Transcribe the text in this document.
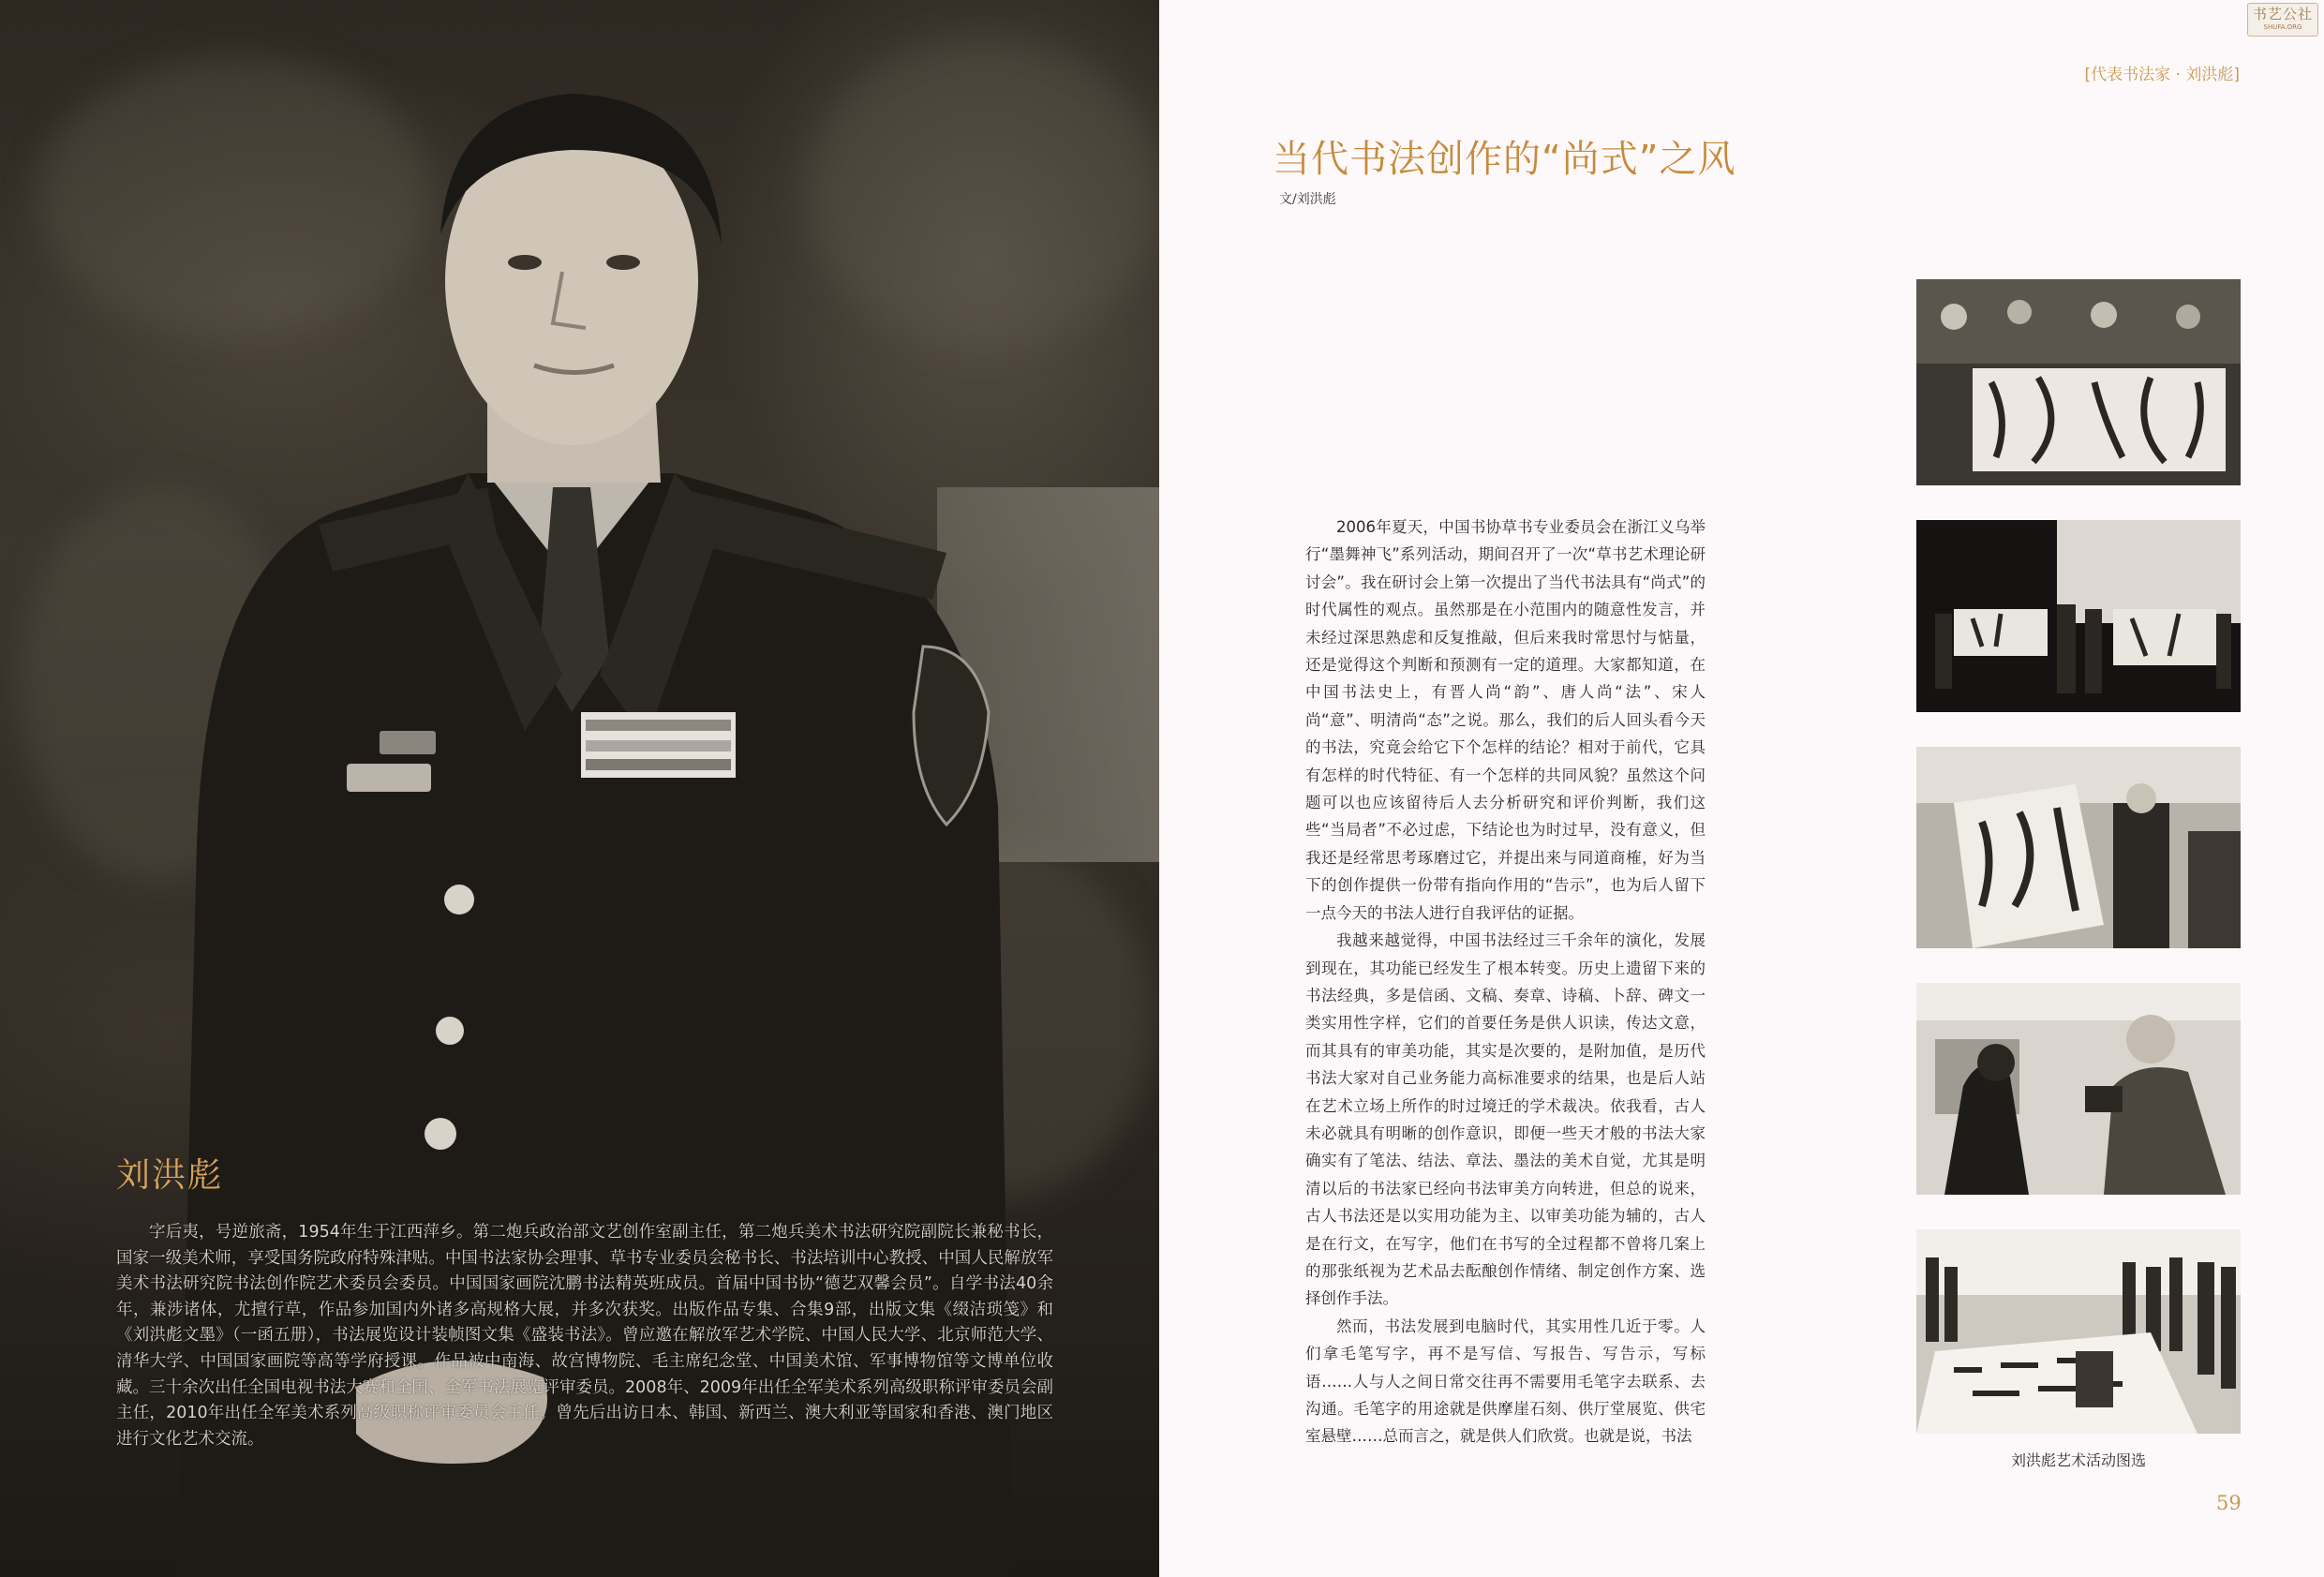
刘洪彪

字后夷，号逆旅斋，1954年生于江西萍乡。第二炮兵政治部文艺创作室副主任，第二炮兵美术书法研究院副院长兼秘书长，国家一级美术师，享受国务院政府特殊津贴。中国书法家协会理事、草书专业委员会秘书长、书法培训中心教授、中国人民解放军美术书法研究院书法创作院艺术委员会委员。中国国家画院沈鹏书法精英班成员。首届中国书协“德艺双馨会员”。自学书法40余年，兼涉诸体，尤擅行草，作品参加国内外诸多高规格大展，并多次获奖。出版作品专集、合集9部，出版文集《缀洁琐笺》和《刘洪彪文墨》（一函五册），书法展览设计装帧图文集《盛装书法》。曾应邀在解放军艺术学院、中国人民大学、北京师范大学、清华大学、中国国家画院等高等学府授课。作品被中南海、故宫博物院、毛主席纪念堂、中国美术馆、军事博物馆等文博单位收藏。三十余次出任全国电视书法大赛和全国、全军书法展览评审委员。2008年、2009年出任全军美术系列高级职称评审委员会副主任，2010年出任全军美术系列高级职称评审委员会主任。曾先后出访日本、韩国、新西兰、澳大利亚等国家和香港、澳门地区进行文化艺术交流。

书艺公社
SHUFA.ORG

[代表书法家 · 刘洪彪]

当代书法创作的“尚式”之风

文/刘洪彪

2006年夏天，中国书协草书专业委员会在浙江义乌举行“墨舞神飞”系列活动，期间召开了一次“草书艺术理论研讨会”。我在研讨会上第一次提出了当代书法具有“尚式”的时代属性的观点。虽然那是在小范围内的随意性发言，并未经过深思熟虑和反复推敲，但后来我时常思忖与惦量，还是觉得这个判断和预测有一定的道理。大家都知道，在中国书法史上，有晋人尚“韵”、唐人尚“法”、宋人尚“意”、明清尚“态”之说。那么，我们的后人回头看今天的书法，究竟会给它下个怎样的结论？相对于前代，它具有怎样的时代特征、有一个怎样的共同风貌？虽然这个问题可以也应该留待后人去分析研究和评价判断，我们这些“当局者”不必过虑，下结论也为时过早，没有意义，但我还是经常思考琢磨过它，并提出来与同道商榷，好为当下的创作提供一份带有指向作用的“告示”，也为后人留下一点今天的书法人进行自我评估的证据。

我越来越觉得，中国书法经过三千余年的演化，发展到现在，其功能已经发生了根本转变。历史上遗留下来的书法经典，多是信函、文稿、奏章、诗稿、卜辞、碑文一类实用性字样，它们的首要任务是供人识读，传达文意，而其具有的审美功能，其实是次要的，是附加值，是历代书法大家对自己业务能力高标准要求的结果，也是后人站在艺术立场上所作的时过境迁的学术裁决。依我看，古人未必就具有明晰的创作意识，即便一些天才般的书法大家确实有了笔法、结法、章法、墨法的美术自觉，尤其是明清以后的书法家已经向书法审美方向转进，但总的说来，古人书法还是以实用功能为主、以审美功能为辅的，古人是在行文，在写字，他们在书写的全过程都不曾将几案上的那张纸视为艺术品去酝酿创作情绪、制定创作方案、选择创作手法。

然而，书法发展到电脑时代，其实用性几近于零。人们拿毛笔写字，再不是写信、写报告、写告示，写标语……人与人之间日常交往再不需要用毛笔字去联系、去沟通。毛笔字的用途就是供摩崖石刻、供厅堂展览、供宅室悬壁……总而言之，就是供人们欣赏。也就是说，书法

刘洪彪艺术活动图选

59
